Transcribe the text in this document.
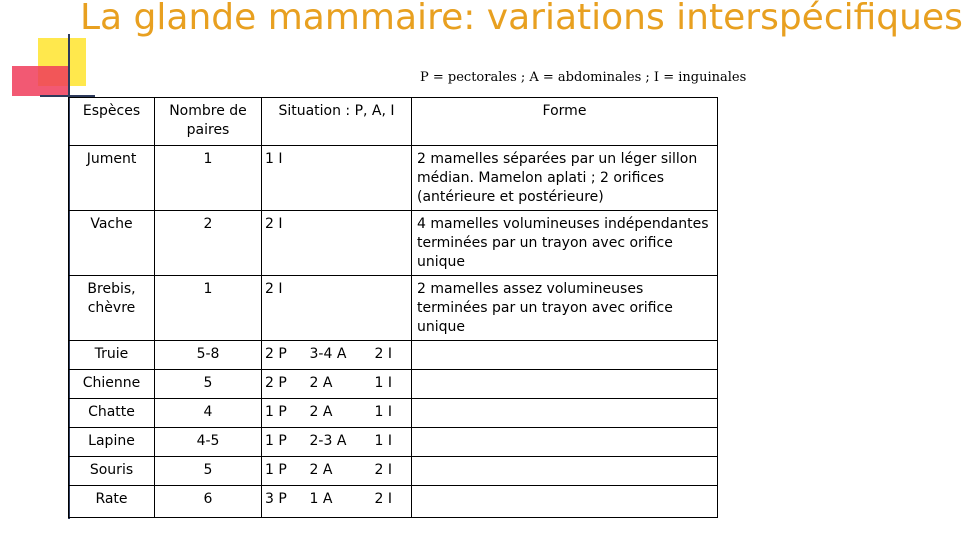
La glande mammaire: variations interspécifiques
P = pectorales ; A = abdominales ; I = inguinales
Espèces	Nombre de paires	Situation : P, A, I			Forme
Jument	1	1 I			2 mamelles séparées par un léger sillon médian. Mamelon aplati ; 2 orifices (antérieure et postérieure)
Vache	2	2 I			4 mamelles volumineuses indépendantes terminées par un trayon avec orifice unique
Brebis, chèvre	1	2 I			2 mamelles assez volumineuses terminées par un trayon avec orifice unique
Truie	5-8	2 P	3-4 A	2 I	
Chienne	5	2 P	2 A	1 I	
Chatte	4	1 P	2 A	1 I	
Lapine	4-5	1 P	2-3 A	1 I	
Souris	5	1 P	2 A	2 I	
Rate	6	3 P	1 A	2 I	
